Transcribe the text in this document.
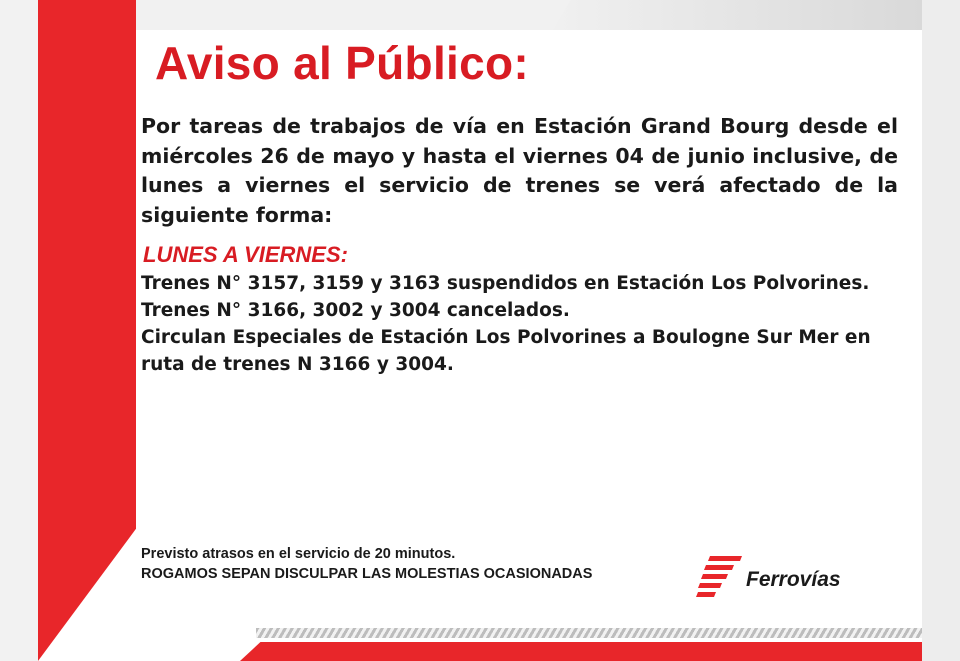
Aviso al Público:
Por tareas de trabajos de vía en Estación Grand Bourg desde el miércoles 26 de mayo y hasta el viernes 04 de junio inclusive, de lunes a viernes el servicio de trenes se verá afectado de la siguiente forma:
LUNES A VIERNES:
Trenes N° 3157, 3159 y 3163 suspendidos en Estación Los Polvorines.
Trenes N° 3166, 3002 y 3004 cancelados.
Circulan Especiales de Estación Los Polvorines a Boulogne Sur Mer en
ruta de trenes N 3166 y 3004.
Previsto atrasos en el servicio de 20 minutos.
ROGAMOS SEPAN DISCULPAR LAS MOLESTIAS OCASIONADAS	Ferrovías
